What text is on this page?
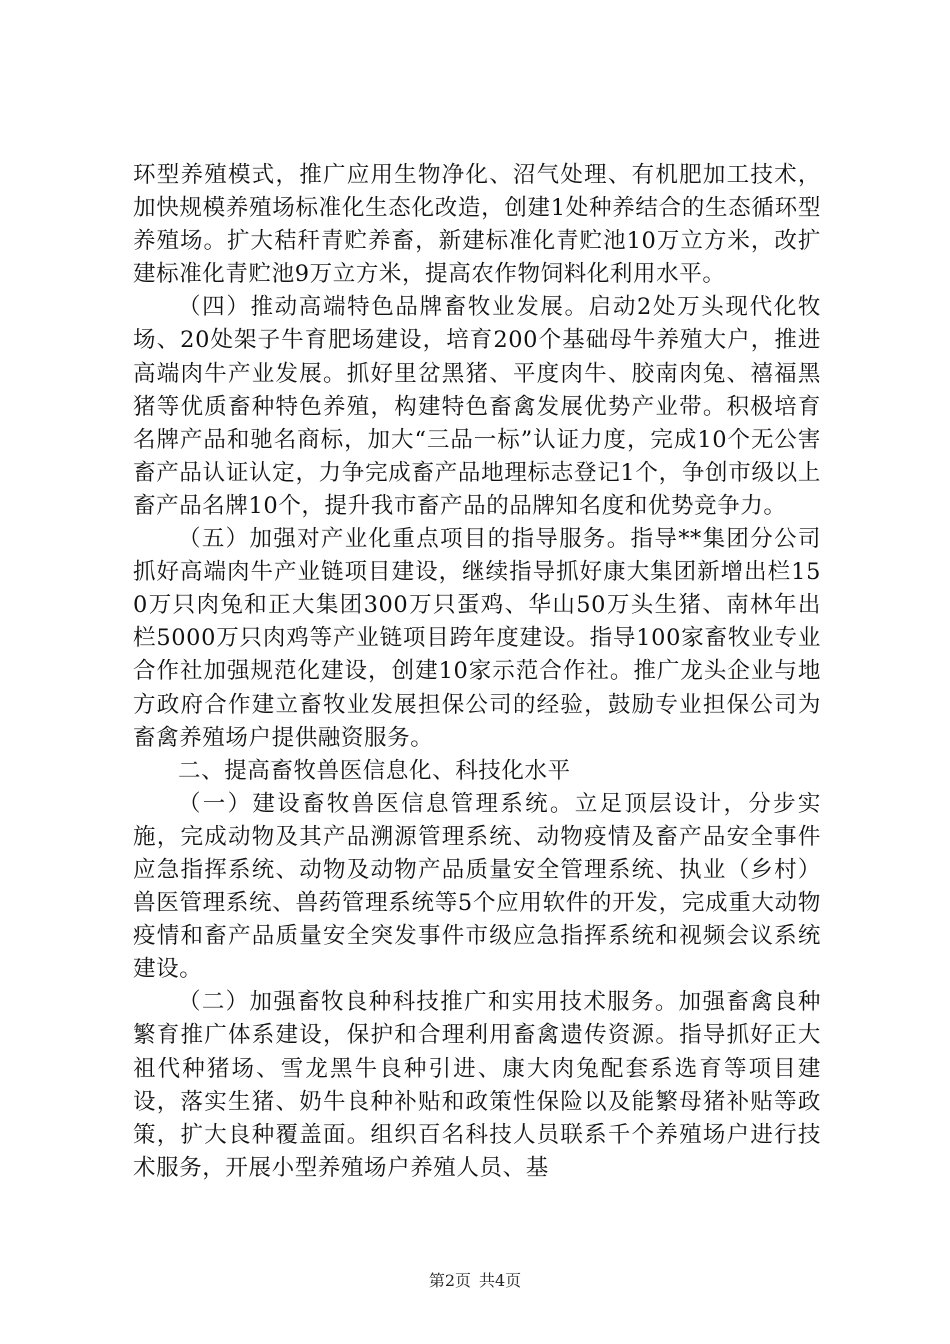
环型养殖模式，推广应用生物净化、沼气处理、有机肥加工技术，加快规模养殖场标准化生态化改造，创建1处种养结合的生态循环型养殖场。扩大秸秆青贮养畜，新建标准化青贮池10万立方米，改扩建标准化青贮池9万立方米，提高农作物饲料化利用水平。

（四）推动高端特色品牌畜牧业发展。启动2处万头现代化牧场、20处架子牛育肥场建设，培育200个基础母牛养殖大户，推进高端肉牛产业发展。抓好里岔黑猪、平度肉牛、胶南肉兔、禧福黑猪等优质畜种特色养殖，构建特色畜禽发展优势产业带。积极培育名牌产品和驰名商标，加大“三品一标”认证力度，完成10个无公害畜产品认证认定，力争完成畜产品地理标志登记1个，争创市级以上畜产品名牌10个，提升我市畜产品的品牌知名度和优势竞争力。

（五）加强对产业化重点项目的指导服务。指导**集团分公司抓好高端肉牛产业链项目建设，继续指导抓好康大集团新增出栏150万只肉兔和正大集团300万只蛋鸡、华山50万头生猪、南林年出栏5000万只肉鸡等产业链项目跨年度建设。指导100家畜牧业专业合作社加强规范化建设，创建10家示范合作社。推广龙头企业与地方政府合作建立畜牧业发展担保公司的经验，鼓励专业担保公司为畜禽养殖场户提供融资服务。

二、提高畜牧兽医信息化、科技化水平

（一）建设畜牧兽医信息管理系统。立足顶层设计，分步实施，完成动物及其产品溯源管理系统、动物疫情及畜产品安全事件应急指挥系统、动物及动物产品质量安全管理系统、执业（乡村）兽医管理系统、兽药管理系统等5个应用软件的开发，完成重大动物疫情和畜产品质量安全突发事件市级应急指挥系统和视频会议系统建设。

（二）加强畜牧良种科技推广和实用技术服务。加强畜禽良种繁育推广体系建设，保护和合理利用畜禽遗传资源。指导抓好正大祖代种猪场、雪龙黑牛良种引进、康大肉兔配套系选育等项目建设，落实生猪、奶牛良种补贴和政策性保险以及能繁母猪补贴等政策，扩大良种覆盖面。组织百名科技人员联系千个养殖场户进行技术服务，开展小型养殖场户养殖人员、基

第2页 共4页
